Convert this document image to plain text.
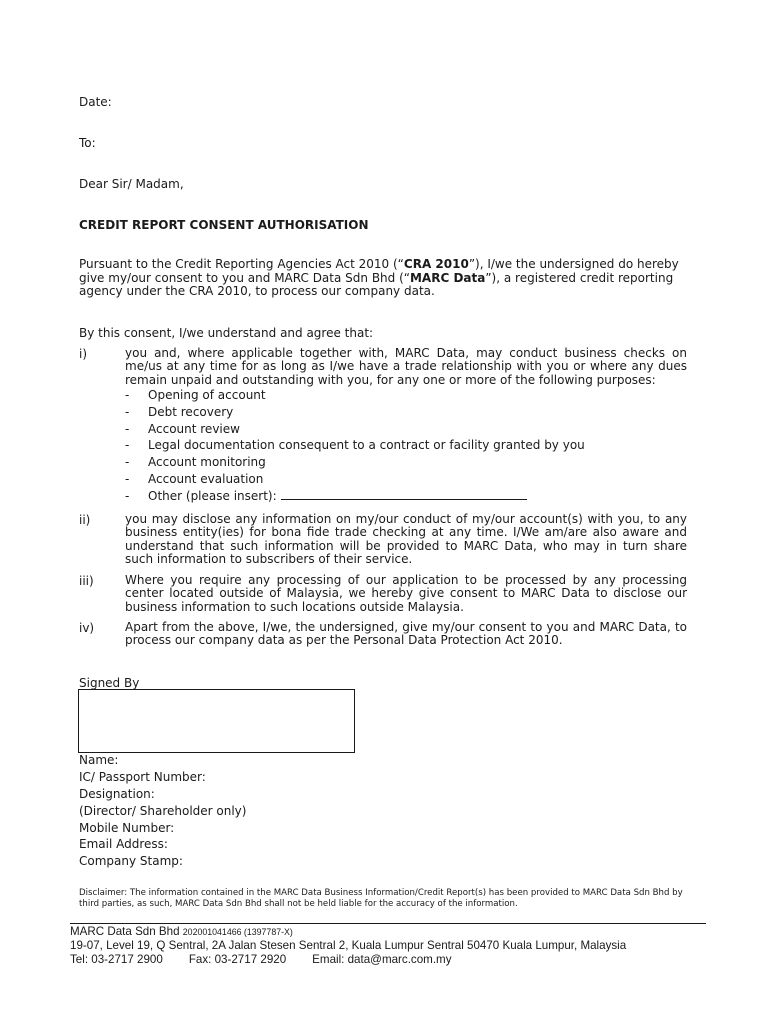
Date:
To:
Dear Sir/ Madam,
CREDIT REPORT CONSENT AUTHORISATION
Pursuant to the Credit Reporting Agencies Act 2010 (“CRA 2010”), I/we the undersigned do hereby give my/our consent to you and MARC Data Sdn Bhd (“MARC Data”), a registered credit reporting agency under the CRA 2010, to process our company data.
By this consent, I/we understand and agree that:
i)	you and, where applicable together with, MARC Data, may conduct business checks on me/us at any time for as long as I/we have a trade relationship with you or where any dues remain unpaid and outstanding with you, for any one or more of the following purposes:
- Opening of account
- Debt recovery
- Account review
- Legal documentation consequent to a contract or facility granted by you
- Account monitoring
- Account evaluation
- Other (please insert):
ii)	you may disclose any information on my/our conduct of my/our account(s) with you, to any business entity(ies) for bona fide trade checking at any time. I/We am/are also aware and understand that such information will be provided to MARC Data, who may in turn share such information to subscribers of their service.
iii)	Where you require any processing of our application to be processed by any processing center located outside of Malaysia, we hereby give consent to MARC Data to disclose our business information to such locations outside Malaysia.
iv)	Apart from the above, I/we, the undersigned, give my/our consent to you and MARC Data, to process our company data as per the Personal Data Protection Act 2010.
Signed By
Name:
IC/ Passport Number:
Designation:
(Director/ Shareholder only)
Mobile Number:
Email Address:
Company Stamp:
Disclaimer: The information contained in the MARC Data Business Information/Credit Report(s) has been provided to MARC Data Sdn Bhd by third parties, as such, MARC Data Sdn Bhd shall not be held liable for the accuracy of the information.
MARC Data Sdn Bhd 202001041466 (1397787-X)
19-07, Level 19, Q Sentral, 2A Jalan Stesen Sentral 2, Kuala Lumpur Sentral 50470 Kuala Lumpur, Malaysia
Tel: 03-2717 2900 Fax: 03-2717 2920 Email: data@marc.com.my
